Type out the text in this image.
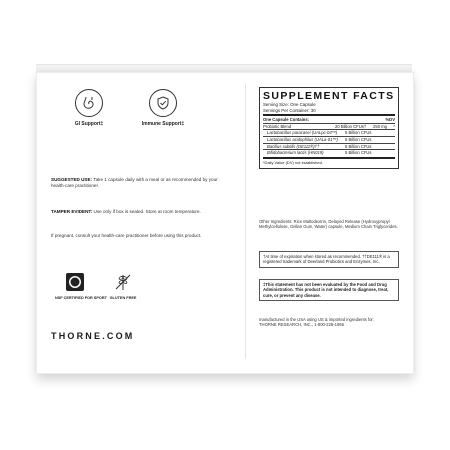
GI Support‡	Immune Support‡
SUGGESTED USE: Take 1 capsule daily with a meal or as recommended by your health-care practitioner.
TAMPER EVIDENT: Use only if box is sealed. Store at room temperature.
If pregnant, consult your health-care practitioner before using this product.
NSF CERTIFIED FOR SPORT GLUTEN FREE
THORNE.COM
SUPPLEMENT FACTS
Serving Size: One Capsule
Servings Per Container: 30
One Capsule Contains:	%DV
Probiotic Blend	20 Billion CFUs†	250 mg	*
Lactobacillus paracasei (UALpc-04™)	5 Billion CFUs
Lactobacillus acidophilus (UALa-01™)	5 Billion CFUs
Bacillus subtilis (DE111®)††	5 Billion CFUs
Bifidobacterium lactis (HN019)	5 Billion CFUs
*Daily Value (DV) not established.
Other Ingredients: Rice Maltodextrin, Delayed Release (Hydroxypropyl Methylcellulose, Gellan Gum, Water) capsule, Medium Chain Triglycerides.
†At time of expiration when stored as recommended. ††DE111® is a registered trademark of Deerland Probiotics and Enzymes, Inc.
‡This statement has not been evaluated by the Food and Drug Administration. This product is not intended to diagnose, treat, cure, or prevent any disease.
manufactured in the USA using US & imported ingredients for:
THORNE RESEARCH, INC., 1-800-228-1966
